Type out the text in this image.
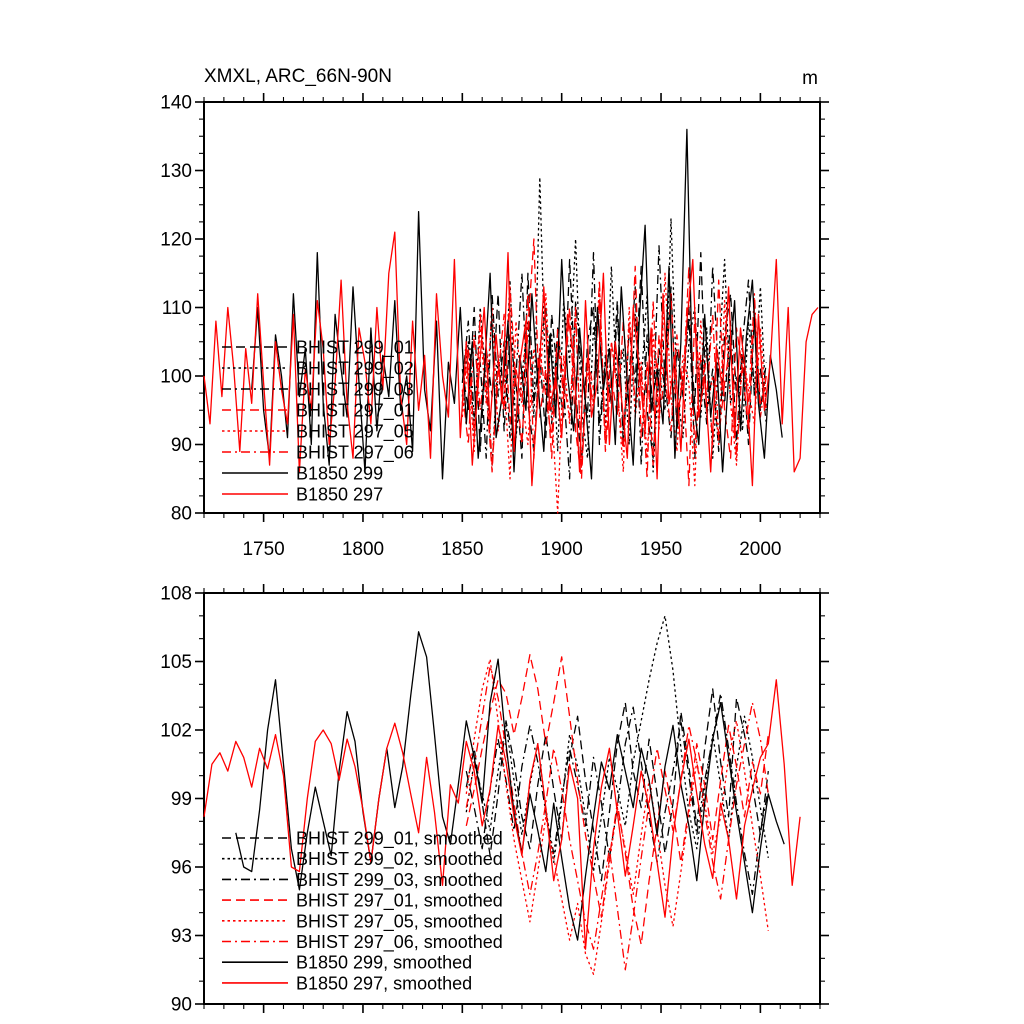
XMXL, ARC_66N-90N	m
1750	1800	1850	1900	1950	2000
80
90
100
110
120
130
140
BHIST 299_01
BHIST 299_02
BHIST 299_03
BHIST 297_01
BHIST 297_05
BHIST 297_06
B1850 299
B1850 297
90
93
96
99
102
105
108
BHIST 299_01, smoothed
BHIST 299_02, smoothed
BHIST 299_03, smoothed
BHIST 297_01, smoothed
BHIST 297_05, smoothed
BHIST 297_06, smoothed
B1850 299, smoothed
B1850 297, smoothed
